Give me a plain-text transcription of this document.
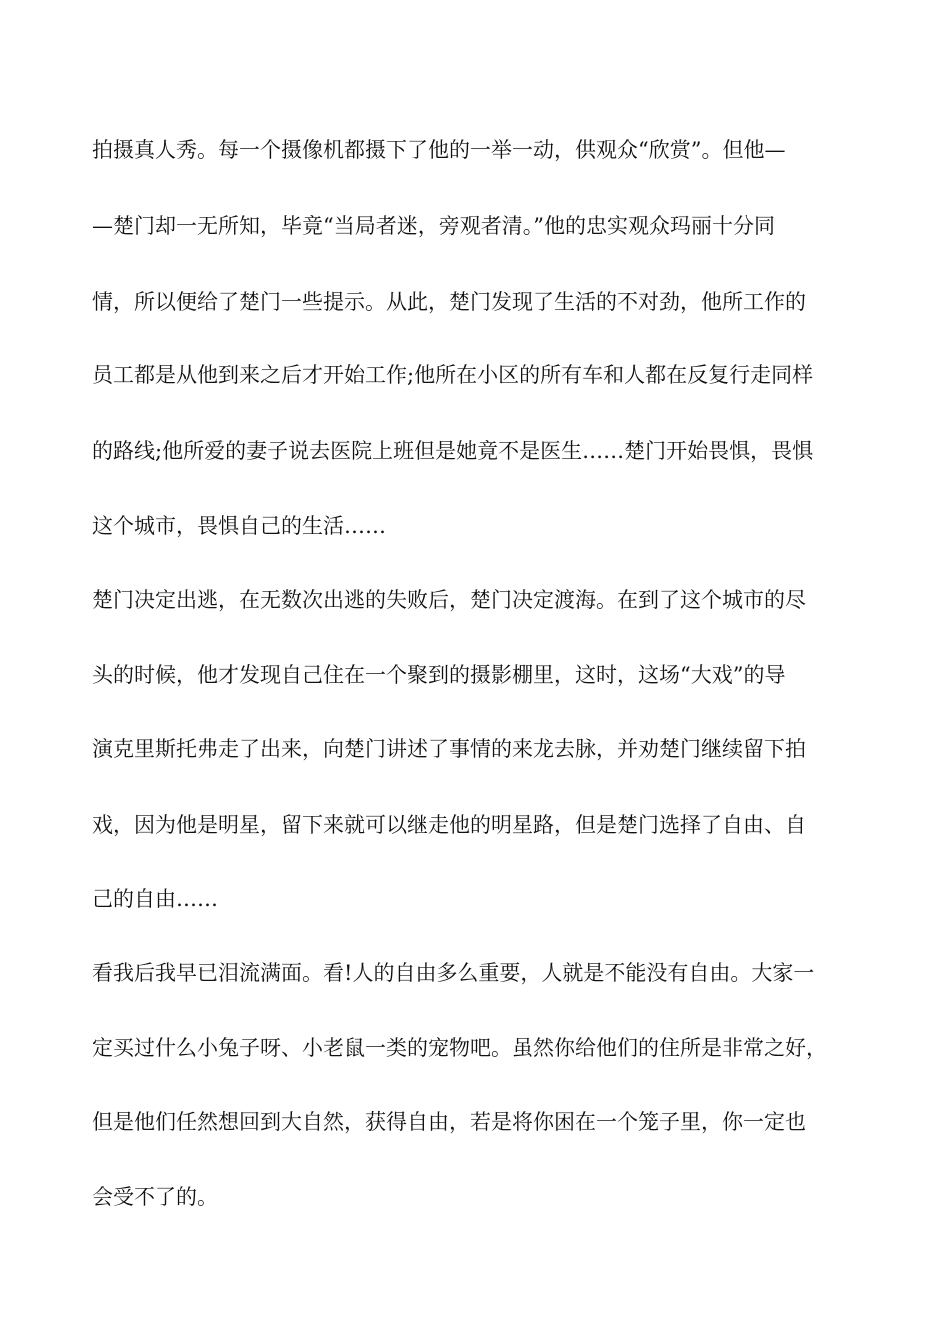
拍摄真人秀。每一个摄像机都摄下了他的一举一动，供观众“欣赏”。但他—
—楚门却一无所知，毕竟“当局者迷，旁观者清。”他的忠实观众玛丽十分同
情，所以便给了楚门一些提示。从此，楚门发现了生活的不对劲，他所工作的
员工都是从他到来之后才开始工作;他所在小区的所有车和人都在反复行走同样
的路线;他所爱的妻子说去医院上班但是她竟不是医生……楚门开始畏惧，畏惧
这个城市，畏惧自己的生活……
楚门决定出逃，在无数次出逃的失败后，楚门决定渡海。在到了这个城市的尽
头的时候，他才发现自己住在一个聚到的摄影棚里，这时，这场“大戏”的导
演克里斯托弗走了出来，向楚门讲述了事情的来龙去脉，并劝楚门继续留下拍
戏，因为他是明星，留下来就可以继走他的明星路，但是楚门选择了自由、自
己的自由……
看我后我早已泪流满面。看!人的自由多么重要，人就是不能没有自由。大家一
定买过什么小兔子呀、小老鼠一类的宠物吧。虽然你给他们的住所是非常之好，
但是他们任然想回到大自然，获得自由，若是将你困在一个笼子里，你一定也
会受不了的。
